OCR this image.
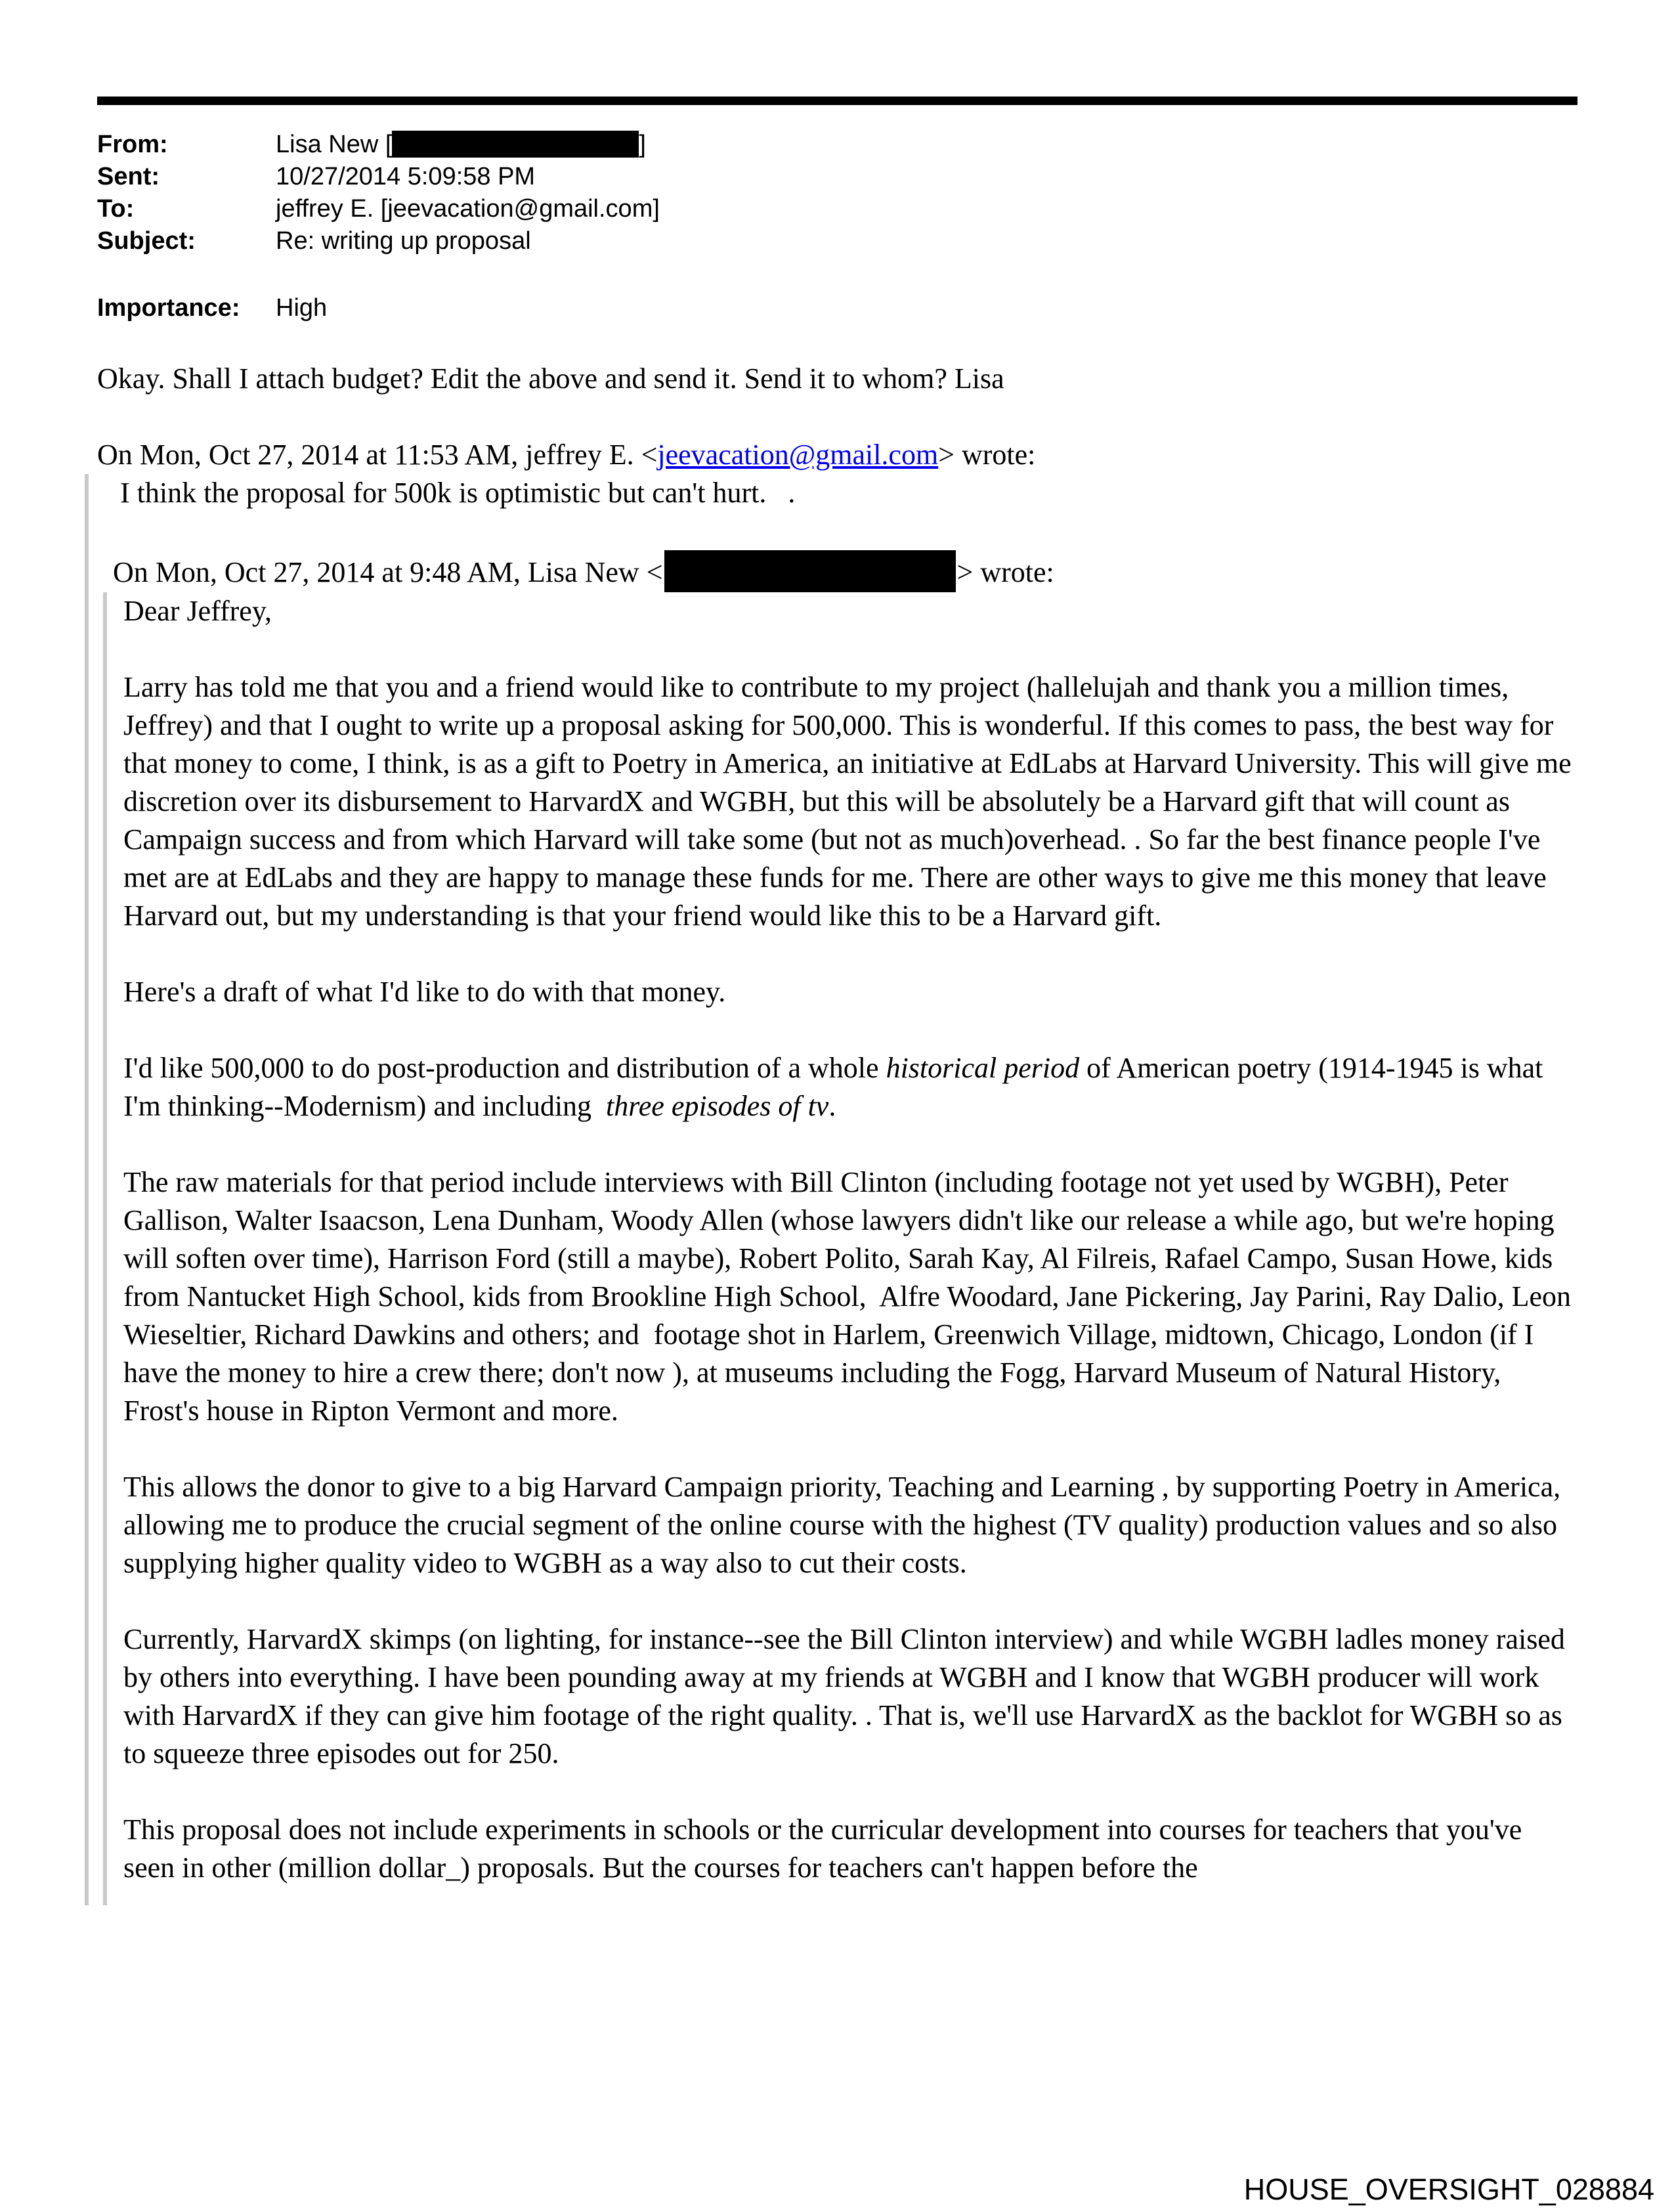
From:	Lisa New [	]
Sent:	10/27/2014 5:09:58 PM
To:	jeffrey E. [jeevacation@gmail.com]
Subject:	Re: writing up proposal
Importance:	High

Okay. Shall I attach budget? Edit the above and send it. Send it to whom? Lisa

On Mon, Oct 27, 2014 at 11:53 AM, jeffrey E. <jeevacation@gmail.com> wrote:

I think the proposal for 500k is optimistic but can't hurt.   .

On Mon, Oct 27, 2014 at 9:48 AM, Lisa New <	> wrote:

Dear Jeffrey,

Larry has told me that you and a friend would like to contribute to my project (hallelujah and thank you a million times, Jeffrey) and that I ought to write up a proposal asking for 500,000. This is wonderful. If this comes to pass, the best way for that money to come, I think, is as a gift to Poetry in America, an initiative at EdLabs at Harvard University. This will give me discretion over its disbursement to HarvardX and WGBH, but this will be absolutely be a Harvard gift that will count as Campaign success and from which Harvard will take some (but not as much)overhead. . So far the best finance people I've met are at EdLabs and they are happy to manage these funds for me. There are other ways to give me this money that leave Harvard out, but my understanding is that your friend would like this to be a Harvard gift.

Here's a draft of what I'd like to do with that money.

I'd like 500,000 to do post-production and distribution of a whole historical period of American poetry (1914-1945 is what I'm thinking--Modernism) and including  three episodes of tv.

The raw materials for that period include interviews with Bill Clinton (including footage not yet used by WGBH), Peter Gallison, Walter Isaacson, Lena Dunham, Woody Allen (whose lawyers didn't like our release a while ago, but we're hoping will soften over time), Harrison Ford (still a maybe), Robert Polito, Sarah Kay, Al Filreis, Rafael Campo, Susan Howe, kids from Nantucket High School, kids from Brookline High School,  Alfre Woodard, Jane Pickering, Jay Parini, Ray Dalio, Leon Wieseltier, Richard Dawkins and others; and  footage shot in Harlem, Greenwich Village, midtown, Chicago, London (if I have the money to hire a crew there; don't now ), at museums including the Fogg, Harvard Museum of Natural History, Frost's house in Ripton Vermont and more.

This allows the donor to give to a big Harvard Campaign priority, Teaching and Learning , by supporting Poetry in America, allowing me to produce the crucial segment of the online course with the highest (TV quality) production values and so also supplying higher quality video to WGBH as a way also to cut their costs.

Currently, HarvardX skimps (on lighting, for instance--see the Bill Clinton interview) and while WGBH ladles money raised by others into everything. I have been pounding away at my friends at WGBH and I know that WGBH producer will work with HarvardX if they can give him footage of the right quality. . That is, we'll use HarvardX as the backlot for WGBH so as to squeeze three episodes out for 250.

This proposal does not include experiments in schools or the curricular development into courses for teachers that you've seen in other (million dollar_) proposals. But the courses for teachers can't happen before the

HOUSE_OVERSIGHT_028884
